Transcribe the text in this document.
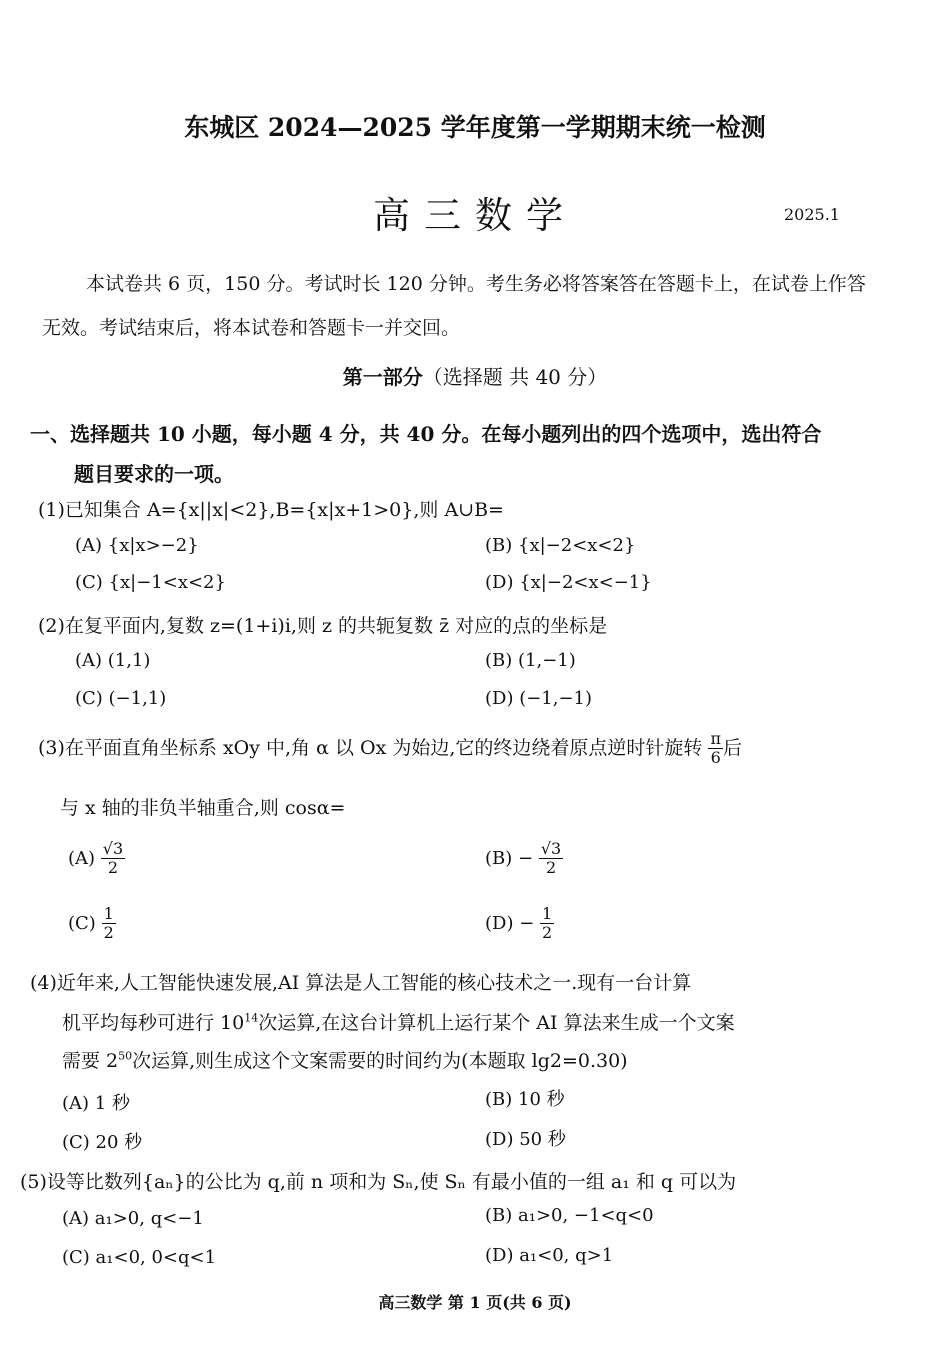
东城区 2024—2025 学年度第一学期期末统一检测
高三数学	2025.1
本试卷共 6 页，150 分。考试时长 120 分钟。考生务必将答案答在答题卡上，在试卷上作答无效。考试结束后，将本试卷和答题卡一并交回。
第一部分（选择题 共 40 分）
一、选择题共 10 小题，每小题 4 分，共 40 分。在每小题列出的四个选项中，选出符合
题目要求的一项。
(1)已知集合 A={x||x|<2},B={x|x+1>0},则 A∪B=
(A) {x|x>−2}	(B) {x|−2<x<2}
(C) {x|−1<x<2}	(D) {x|−2<x<−1}
(2)在复平面内,复数 z=(1+i)i,则 z 的共轭复数 z̄ 对应的点的坐标是
(A) (1,1)	(B) (1,−1)
(C) (−1,1)	(D) (−1,−1)
(3)在平面直角坐标系 xOy 中,角 α 以 Ox 为始边,它的终边绕着原点逆时针旋转 $\frac{\pi}{6}$ 后
与 x 轴的非负半轴重合,则 cosα=
$(A) \frac{√3}{2}$	$(B) - \frac{√3}{2}$
$(C) \frac{1}{2}$	$(D) - \frac{1}{2}$
(4)近年来,人工智能快速发展,AI 算法是人工智能的核心技术之一.现有一台计算
机平均每秒可进行 $10^{14}$次运算,在这台计算机上运行某个 AI 算法来生成一个文案
需要 $2^{50}$次运算,则生成这个文案需要的时间约为(本题取 lg2=0.30)
(A) 1 秒	(B) 10 秒
(C) 20 秒	(D) 50 秒
(5)设等比数列{aₙ}的公比为 q,前 n 项和为 Sₙ,使 Sₙ 有最小值的一组 a₁ 和 q 可以为
(A) a₁>0, q<−1	(B) a₁>0, −1<q<0
(C) a₁<0, 0<q<1	(D) a₁<0, q>1
高三数学 第 1 页(共 6 页)
